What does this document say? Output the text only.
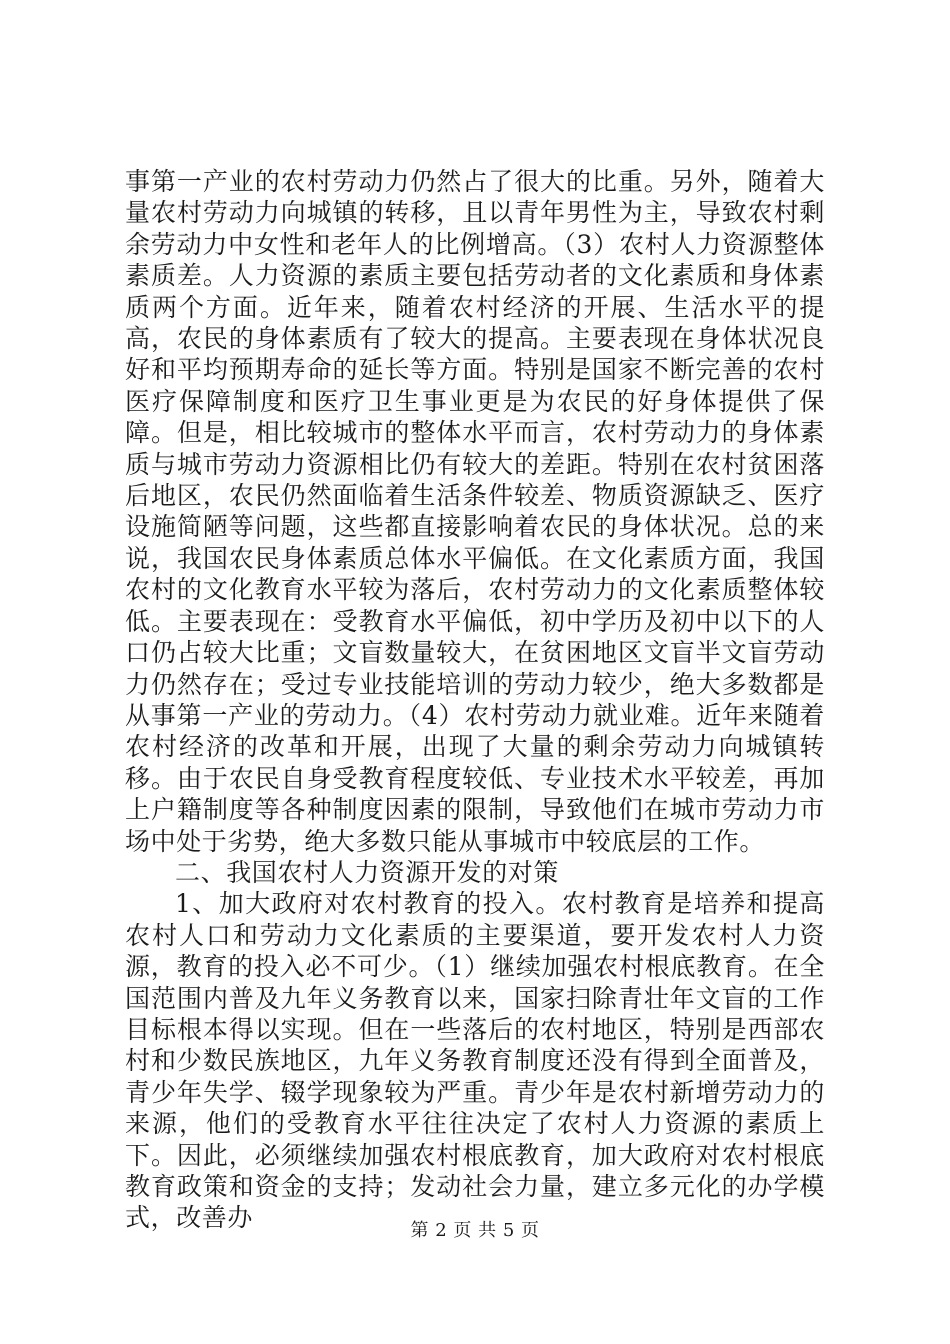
事第一产业的农村劳动力仍然占了很大的比重。另外，随着大量农村劳动力向城镇的转移，且以青年男性为主，导致农村剩余劳动力中女性和老年人的比例增高。（3）农村人力资源整体素质差。人力资源的素质主要包括劳动者的文化素质和身体素质两个方面。近年来，随着农村经济的开展、生活水平的提高，农民的身体素质有了较大的提高。主要表现在身体状况良好和平均预期寿命的延长等方面。特别是国家不断完善的农村医疗保障制度和医疗卫生事业更是为农民的好身体提供了保障。但是，相比较城市的整体水平而言，农村劳动力的身体素质与城市劳动力资源相比仍有较大的差距。特别在农村贫困落后地区，农民仍然面临着生活条件较差、物质资源缺乏、医疗设施简陋等问题，这些都直接影响着农民的身体状况。总的来说，我国农民身体素质总体水平偏低。在文化素质方面，我国农村的文化教育水平较为落后，农村劳动力的文化素质整体较低。主要表现在：受教育水平偏低，初中学历及初中以下的人口仍占较大比重；文盲数量较大，在贫困地区文盲半文盲劳动力仍然存在；受过专业技能培训的劳动力较少，绝大多数都是从事第一产业的劳动力。（4）农村劳动力就业难。近年来随着农村经济的改革和开展，出现了大量的剩余劳动力向城镇转移。由于农民自身受教育程度较低、专业技术水平较差，再加上户籍制度等各种制度因素的限制，导致他们在城市劳动力市场中处于劣势，绝大多数只能从事城市中较底层的工作。

二、我国农村人力资源开发的对策

1、加大政府对农村教育的投入。农村教育是培养和提高农村人口和劳动力文化素质的主要渠道，要开发农村人力资源，教育的投入必不可少。（1）继续加强农村根底教育。在全国范围内普及九年义务教育以来，国家扫除青壮年文盲的工作目标根本得以实现。但在一些落后的农村地区，特别是西部农村和少数民族地区，九年义务教育制度还没有得到全面普及，青少年失学、辍学现象较为严重。青少年是农村新增劳动力的来源，他们的受教育水平往往决定了农村人力资源的素质上下。因此，必须继续加强农村根底教育，加大政府对农村根底教育政策和资金的支持；发动社会力量，建立多元化的办学模式，改善办	第 2 页 共 5 页
